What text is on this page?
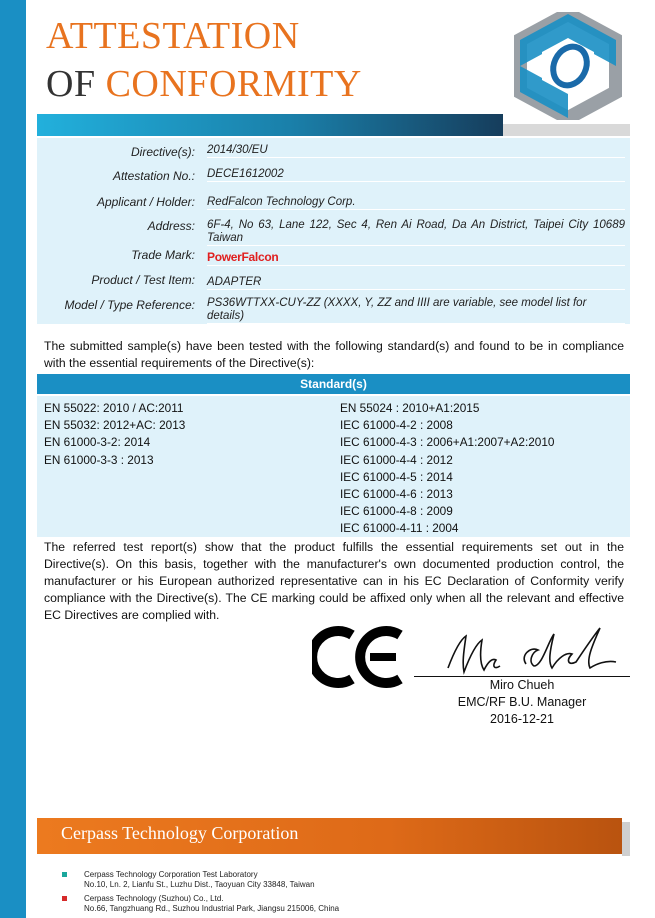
ATTESTATION
OF CONFORMITY
Directive(s): 2014/30/EU
Attestation No.: DECE1612002
Applicant / Holder: RedFalcon Technology Corp.
Address: 6F-4, No 63, Lane 122, Sec 4, Ren Ai Road, Da An District, Taipei City 10689 Taiwan
Trade Mark: PowerFalcon
Product / Test Item: ADAPTER
Model / Type Reference: PS36WTTXX-CUY-ZZ (XXXX, Y, ZZ and IIII are variable, see model list for details)
The submitted sample(s) have been tested with the following standard(s) and found to be in compliance with the essential requirements of the Directive(s):
Standard(s)
EN 55022: 2010 / AC:2011
EN 55032: 2012+AC: 2013
EN 61000-3-2: 2014
EN 61000-3-3 : 2013
EN 55024 : 2010+A1:2015
IEC 61000-4-2 : 2008
IEC 61000-4-3 : 2006+A1:2007+A2:2010
IEC 61000-4-4 : 2012
IEC 61000-4-5 : 2014
IEC 61000-4-6 : 2013
IEC 61000-4-8 : 2009
IEC 61000-4-11 : 2004
The referred test report(s) show that the product fulfills the essential requirements set out in the Directive(s). On this basis, together with the manufacturer's own documented production control, the manufacturer or his European authorized representative can in his EC Declaration of Conformity verify compliance with the Directive(s). The CE marking could be affixed only when all the relevant and effective EC Directives are complied with.
Miro Chueh
EMC/RF B.U. Manager
2016-12-21
Cerpass Technology Corporation
Cerpass Technology Corporation Test Laboratory
No.10, Ln. 2, Lianfu St., Luzhu Dist., Taoyuan City 33848, Taiwan
Cerpass Technology (Suzhou) Co., Ltd.
No.66, Tangzhuang Rd., Suzhou Industrial Park, Jiangsu 215006, China
